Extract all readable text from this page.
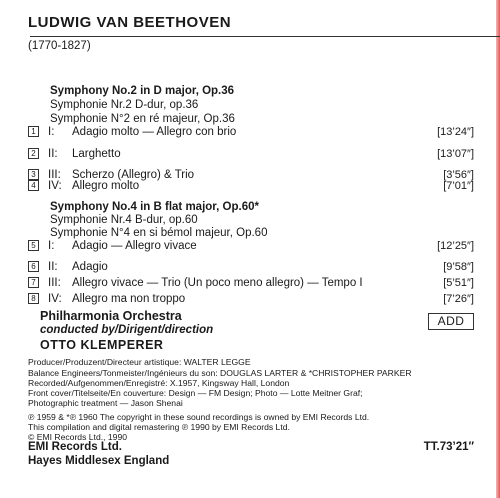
LUDWIG VAN BEETHOVEN
(1770-1827)
Symphony No.2 in D major, Op.36
Symphonie Nr.2 D-dur, op.36
Symphonie N°2 en ré majeur, Op.36
1 I: Adagio molto — Allegro con brio	[13’24″]
2 II: Larghetto	[13’07″]
3 III: Scherzo (Allegro) & Trio	[3’56″]
4 IV: Allegro molto	[7’01″]
Symphony No.4 in B flat major, Op.60*
Symphonie Nr.4 B-dur, op.60
Symphonie N°4 en si bémol majeur, Op.60
5 I: Adagio — Allegro vivace	[12’25″]
6 II: Adagio	[9’58″]
7 III: Allegro vivace — Trio (Un poco meno allegro) — Tempo I	[5’51″]
8 IV: Allegro ma non troppo	[7’26″]
Philharmonia Orchestra
conducted by/Dirigent/direction
OTTO KLEMPERER
ADD
Producer/Produzent/Directeur artistique: WALTER LEGGE
Balance Engineers/Tonmeister/Ingénieurs du son: DOUGLAS LARTER & *CHRISTOPHER PARKER
Recorded/Aufgenommen/Enregistré: X.1957, Kingsway Hall, London
Front cover/Titelseite/En couverture: Design — FM Design; Photo — Lotte Meitner Graf;
Photographic treatment — Jason Shenai
℗ 1959 & *℗ 1960 The copyright in these sound recordings is owned by EMI Records Ltd.
This compilation and digital remastering ℗ 1990 by EMI Records Ltd.
© EMI Records Ltd., 1990
EMI Records Ltd.
Hayes Middlesex England
TT.73’21″
